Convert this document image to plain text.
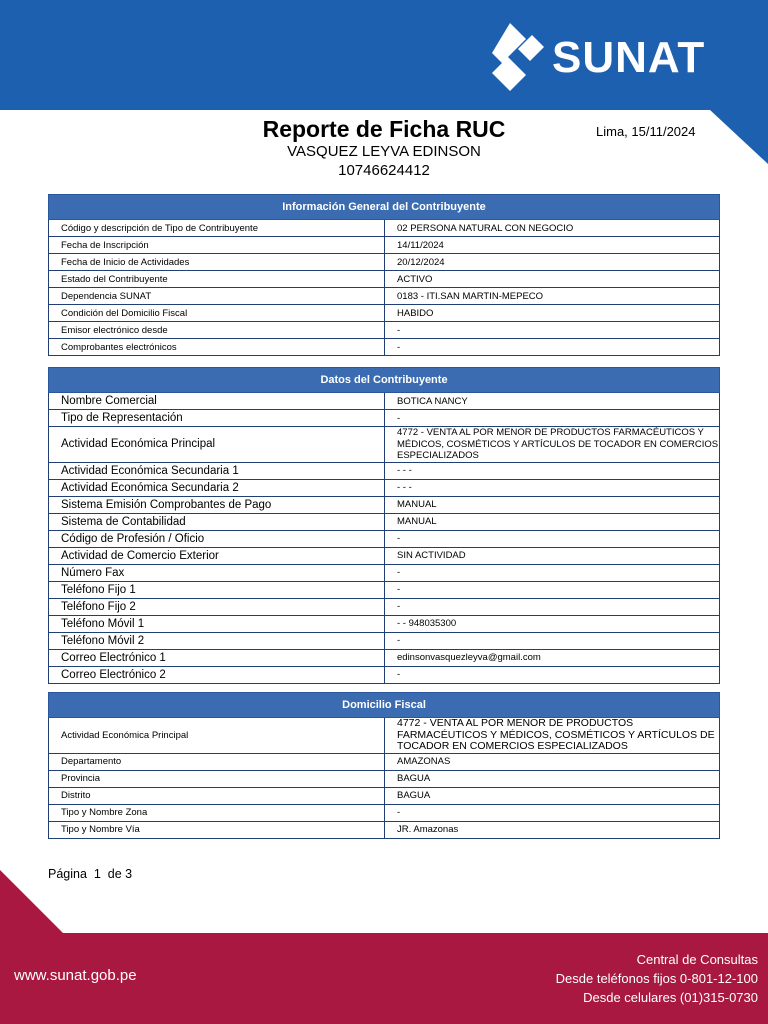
SUNAT
Reporte de Ficha RUC	Lima, 15/11/2024
VASQUEZ LEYVA EDINSON
10746624412
Información General del Contribuyente	
Código y descripción de Tipo de Contribuyente	02 PERSONA NATURAL CON NEGOCIO
Fecha de Inscripción	14/11/2024
Fecha de Inicio de Actividades	20/12/2024
Estado del Contribuyente	ACTIVO
Dependencia SUNAT	0183 - ITI.SAN MARTIN-MEPECO
Condición del Domicilio Fiscal	HABIDO
Emisor electrónico desde	-
Comprobantes electrónicos	-
Datos del Contribuyente	
Nombre Comercial	BOTICA NANCY
Tipo de Representación	-
Actividad Económica Principal	4772 - VENTA AL POR MENOR DE PRODUCTOS FARMACÉUTICOS Y MÉDICOS, COSMÉTICOS Y ARTÍCULOS DE TOCADOR EN COMERCIOS ESPECIALIZADOS
Actividad Económica Secundaria 1	- - -
Actividad Económica Secundaria 2	- - -
Sistema Emisión Comprobantes de Pago	MANUAL
Sistema de Contabilidad	MANUAL
Código de Profesión / Oficio	-
Actividad de Comercio Exterior	SIN ACTIVIDAD
Número Fax	-
Teléfono Fijo 1	-
Teléfono Fijo 2	-
Teléfono Móvil 1	- - 948035300
Teléfono Móvil 2	-
Correo Electrónico 1	edinsonvasquezleyva@gmail.com
Correo Electrónico 2	-
Domicilio Fiscal	
Actividad Económica Principal	4772 - VENTA AL POR MENOR DE PRODUCTOS FARMACÉUTICOS Y MÉDICOS, COSMÉTICOS Y ARTÍCULOS DE TOCADOR EN COMERCIOS ESPECIALIZADOS
Departamento	AMAZONAS
Provincia	BAGUA
Distrito	BAGUA
Tipo y Nombre Zona	-
Tipo y Nombre Vía	JR. Amazonas
Página  1  de 3
www.sunat.gob.pe
Central de Consultas
Desde teléfonos fijos 0-801-12-100
Desde celulares (01)315-0730
